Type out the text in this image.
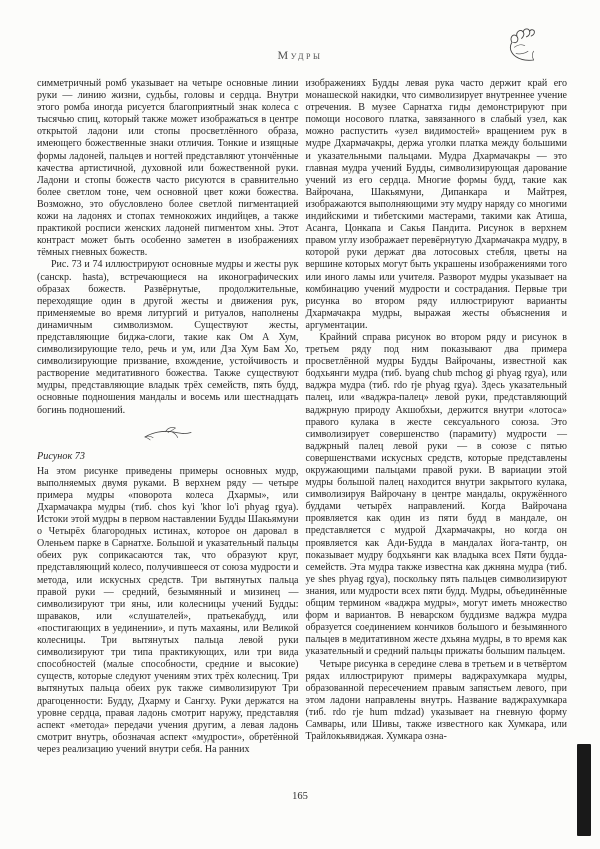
Мудры

симметричный ромб указывает на четыре основные линии руки — линию жизни, судьбы, головы и сердца. Внутри этого ромба иногда рисуется благоприятный знак колеса с тысячью спиц, который также может изображаться в центре открытой ладони или стопы просветлённого образа, имеющего божественные знаки отличия. Тонкие и изящные формы ладоней, пальцев и ногтей представляют утончённые качества артистичной, духовной или божественной руки. Ладони и стопы божеств часто рисуются в сравнительно более светлом тоне, чем основной цвет кожи божества. Возможно, это обусловлено более светлой пигментацией кожи на ладонях и стопах темнокожих индийцев, а также практикой росписи женских ладоней пигментом хны. Этот контраст может быть особенно заметен в изображениях тёмных гневных божеств.

Рис. 73 и 74 иллюстрируют основные мудры и жесты рук (санскр. hasta), встречающиеся на иконографических образах божеств. Развёрнутые, продолжительные, переходящие один в другой жесты и движения рук, применяемые во время литургий и ритуалов, наполнены динамичным символизмом. Существуют жесты, представляющие биджа-слоги, такие как Ом А Хум, символизирующие тело, речь и ум, или Дза Хум Бам Хо, символизирующие призвание, вхождение, устойчивость и растворение медитативного божества. Также существуют мудры, представляющие владык трёх семейств, пять будд, основные подношения мандалы и восемь или шестнадцать богинь подношений.

Рисунок 73

На этом рисунке приведены примеры основных мудр, выполняемых двумя руками. В верхнем ряду — четыре примера мудры «поворота колеса Дхармы», или Дхармачакра мудры (тиб. chos kyi 'khor lo'i phyag rgya). Истоки этой мудры в первом наставлении Будды Шакьямуни о Четырёх благородных истинах, которое он даровал в Оленьем парке в Сарнатхе. Большой и указательный пальцы обеих рук соприкасаются так, что образуют круг, представляющий колесо, получившееся от союза мудрости и метода, или искусных средств. Три вытянутых пальца правой руки — средний, безымянный и мизинец — символизируют три яны, или колесницы учений Будды: шраваков, или «слушателей», пратьекабудд, или «постигающих в уединении», и путь махаяны, или Великой колесницы. Три вытянутых пальца левой руки символизируют три типа практикующих, или три вида способностей (малые способности, средние и высокие) существ, которые следуют учениям этих трёх колесниц. Три вытянутых пальца обеих рук также символизируют Три драгоценности: Будду, Дхарму и Сангху. Руки держатся на уровне сердца, правая ладонь смотрит наружу, представляя аспект «метода» передачи учения другим, а левая ладонь смотрит внутрь, обозначая аспект «мудрости», обретённой через реализацию учений внутри себя. На ранних

изображениях Будды левая рука часто держит край его монашеской накидки, что символизирует внутреннее учение отречения. В музее Сарнатха гиды демонстрируют при помощи носового платка, завязанного в слабый узел, как можно распустить «узел видимостей» вращением рук в мудре Дхармачакры, держа уголки платка между большими и указательными пальцами. Мудра Дхармачакры — это главная мудра учений Будды, символизирующая дарование учений из его сердца. Многие формы будд, такие как Вайрочана, Шакьямуни, Дипанкара и Майтрея, изображаются выполняющими эту мудру наряду со многими индийскими и тибетскими мастерами, такими как Атиша, Асанга, Цонкапа и Сакья Пандита. Рисунок в верхнем правом углу изображает перевёрнутую Дхармачакра мудру, в которой руки держат два лотосовых стебля, цветы на вершине которых могут быть украшены изображениями того или иного ламы или учителя. Разворот мудры указывает на комбинацию учений мудрости и сострадания. Первые три рисунка во втором ряду иллюстрируют варианты Дхармачакра мудры, выражая жесты объяснения и аргументации.

Крайний справа рисунок во втором ряду и рисунок в третьем ряду под ним показывают два примера просветлённой мудры Будды Вайрочаны, известной как бодхьянги мудра (тиб. byang chub mchog gi phyag rgya), или ваджра мудра (тиб. rdo rje phyag rgya). Здесь указательный палец, или «ваджра-палец» левой руки, представляющий ваджрную природу Акшобхьи, держится внутри «лотоса» правого кулака в жесте сексуального союза. Это символизирует совершенство (парамиту) мудрости — ваджрный палец левой руки — в союзе с пятью совершенствами искусных средств, которые представлены окружающими пальцами правой руки. В вариации этой мудры большой палец находится внутри закрытого кулака, символизируя Вайрочану в центре мандалы, окружённого буддами четырёх направлений. Когда Вайрочана проявляется как один из пяти будд в мандале, он представляется с мудрой Дхармачакры, но когда он проявляется как Ади-Будда в мандалах йога-тантр, он показывает мудру бодхьянги как владыка всех Пяти будда-семейств. Эта мудра также известна как джняна мудра (тиб. ye shes phyag rgya), поскольку пять пальцев символизируют знания, или мудрости всех пяти будд. Мудры, объединённые общим термином «ваджра мудры», могут иметь множество форм и вариантов. В неварском буддизме ваджра мудра образуется соединением кончиков большого и безымянного пальцев в медитативном жесте дхьяна мудры, в то время как указательный и средний пальцы прижаты большим пальцем.

Четыре рисунка в середине слева в третьем и в четвёртом рядах иллюстрируют примеры ваджрахумкара мудры, образованной пересечением правым запястьем левого, при этом ладони направлены внутрь. Название ваджрахумкара (тиб. rdo rje hum mdzad) указывает на гневную форму Самвары, или Шивы, также известного как Хумкара, или Трайлокьявиджая. Хумкара озна-

165
